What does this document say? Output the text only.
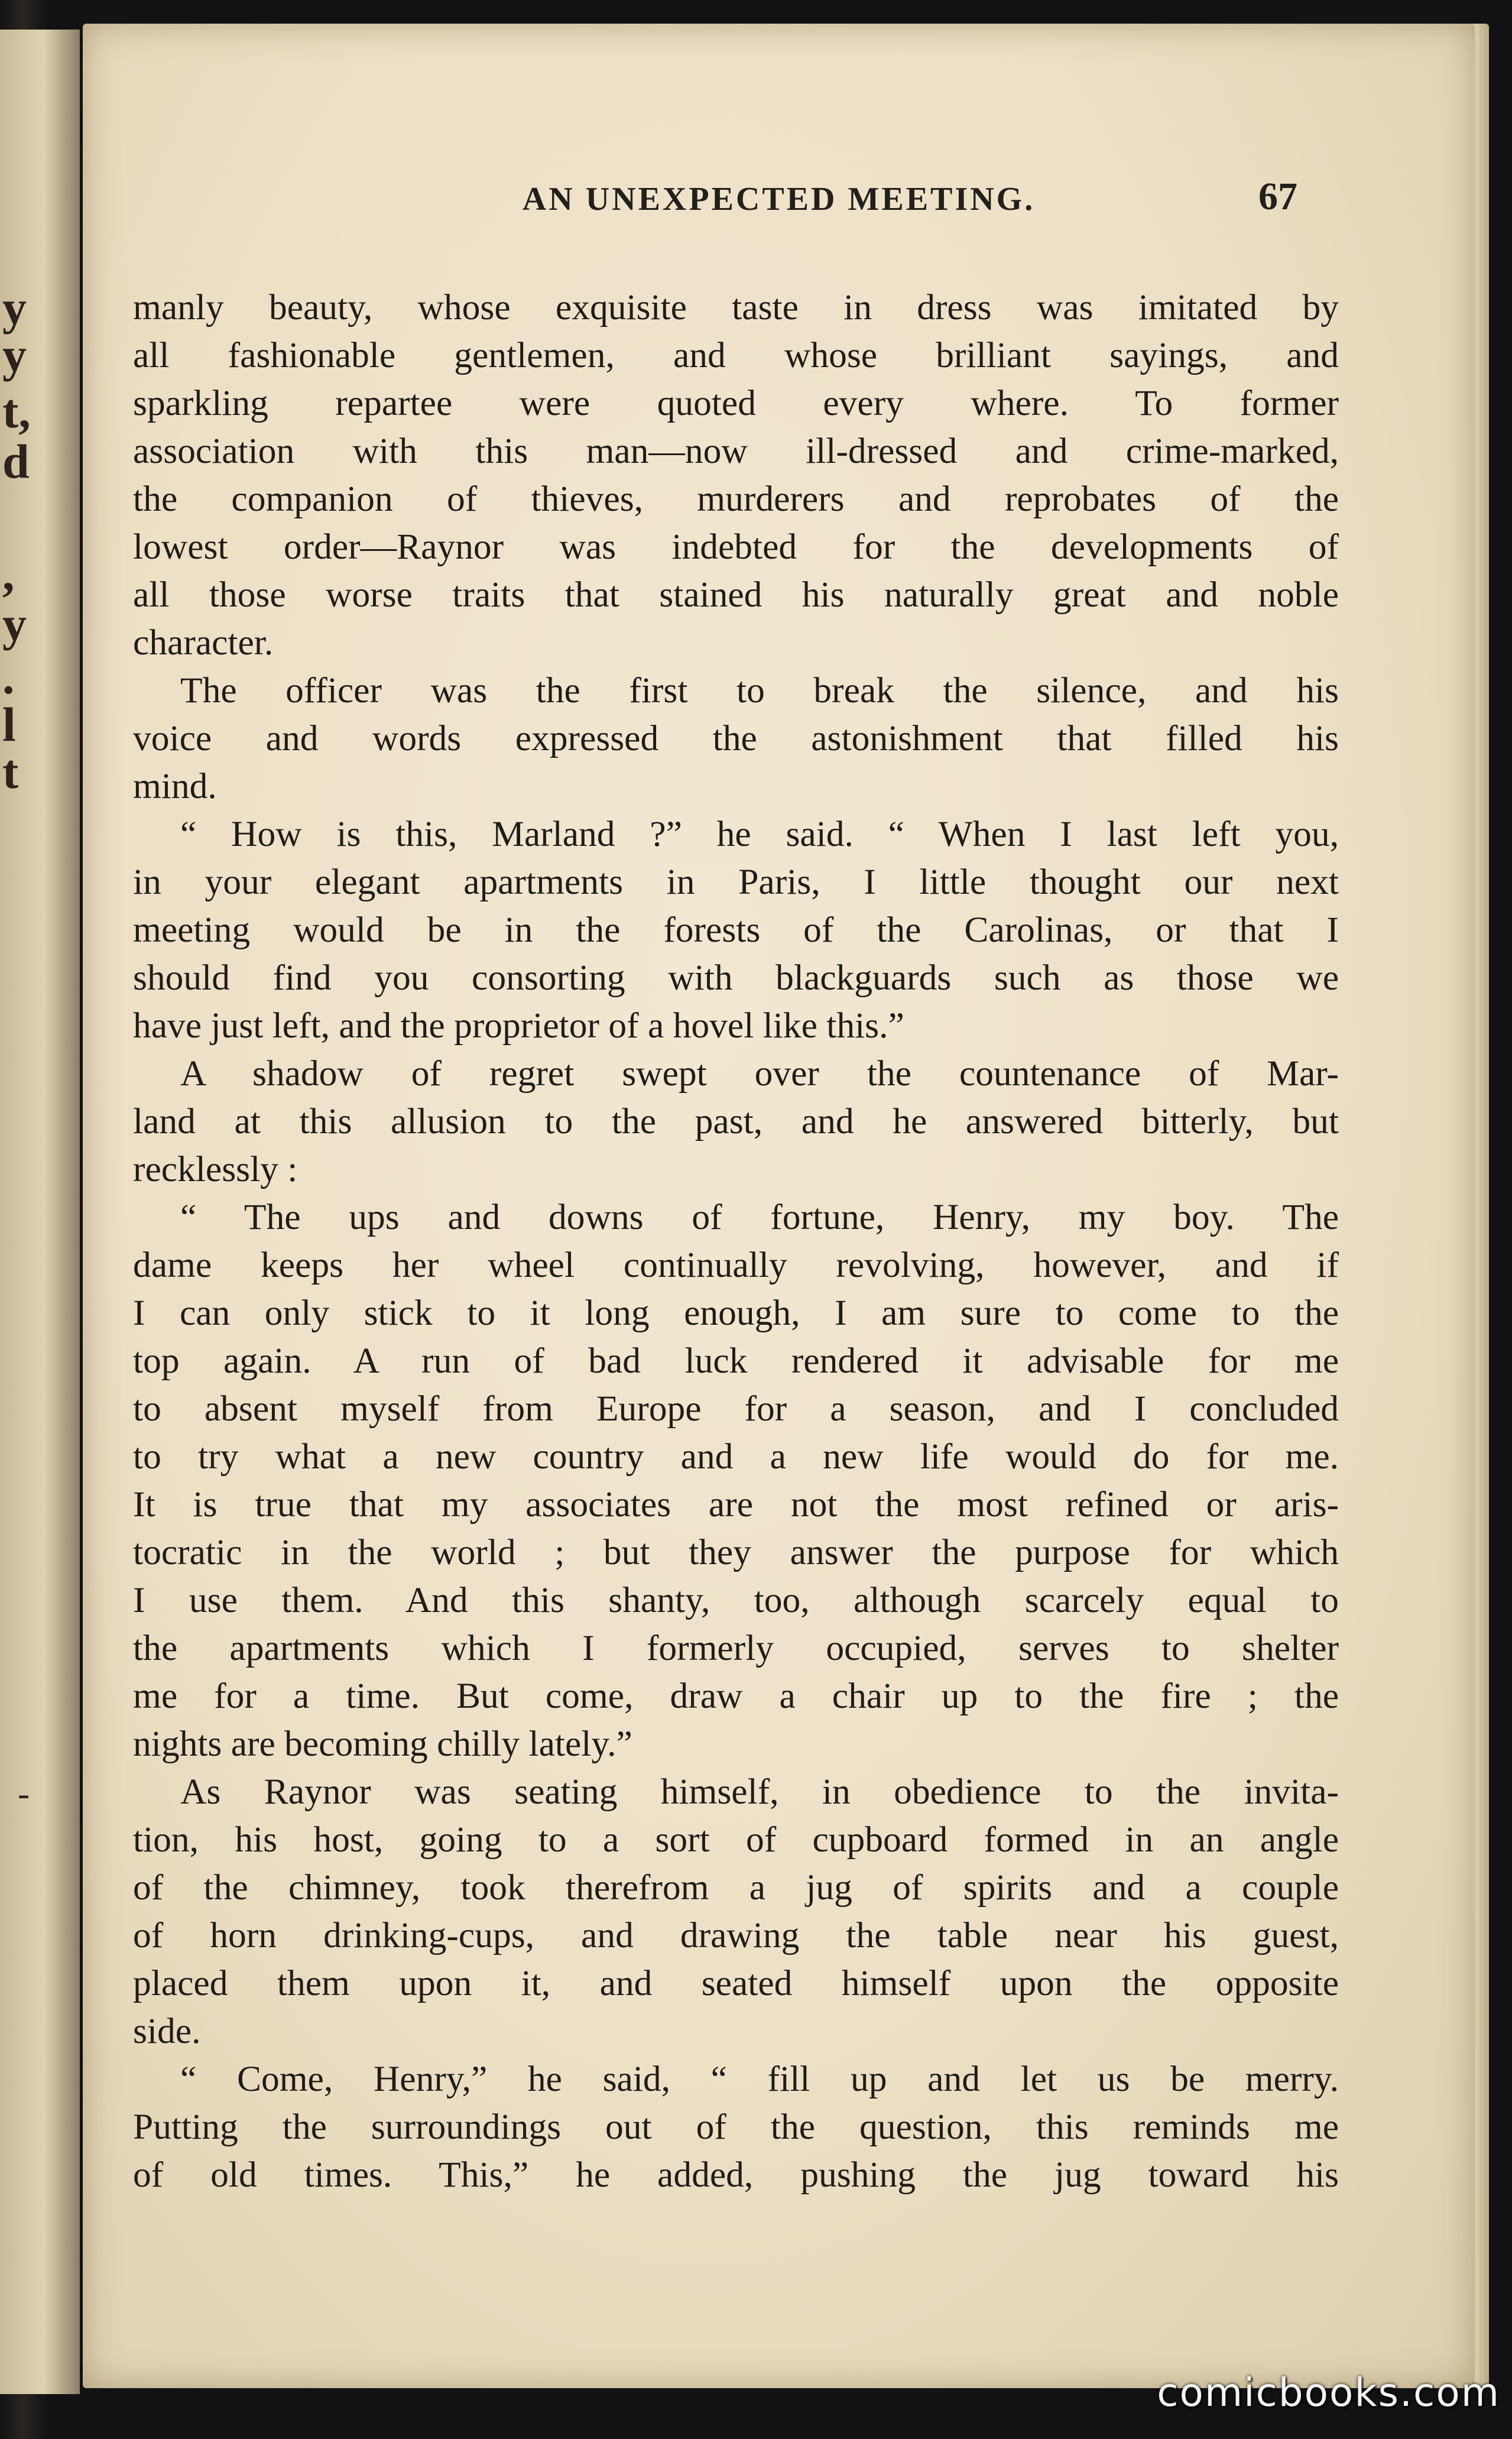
y
y
t,
d
,
y
.
l
t
AN UNEXPECTED MEETING.	67
manly beauty, whose exquisite taste in dress was imitated by
all fashionable gentlemen, and whose brilliant sayings, and
sparkling repartee were quoted every where. To former
association with this man—now ill-dressed and crime-marked,
the companion of thieves, murderers and reprobates of the
lowest order—Raynor was indebted for the developments of
all those worse traits that stained his naturally great and noble
character.
The officer was the first to break the silence, and his
voice and words expressed the astonishment that filled his
mind.
“ How is this, Marland ?” he said. “ When I last left you,
in your elegant apartments in Paris, I little thought our next
meeting would be in the forests of the Carolinas, or that I
should find you consorting with blackguards such as those we
have just left, and the proprietor of a hovel like this.”
A shadow of regret swept over the countenance of Mar-
land at this allusion to the past, and he answered bitterly, but
recklessly :
“ The ups and downs of fortune, Henry, my boy. The
dame keeps her wheel continually revolving, however, and if
I can only stick to it long enough, I am sure to come to the
top again. A run of bad luck rendered it advisable for me
to absent myself from Europe for a season, and I concluded
to try what a new country and a new life would do for me.
It is true that my associates are not the most refined or aris-
tocratic in the world ; but they answer the purpose for which
I use them. And this shanty, too, although scarcely equal to
the apartments which I formerly occupied, serves to shelter
me for a time. But come, draw a chair up to the fire ; the
nights are becoming chilly lately.”
As Raynor was seating himself, in obedience to the invita-
tion, his host, going to a sort of cupboard formed in an angle
of the chimney, took therefrom a jug of spirits and a couple
of horn drinking-cups, and drawing the table near his guest,
placed them upon it, and seated himself upon the opposite
side.
“ Come, Henry,” he said, “ fill up and let us be merry.
Putting the surroundings out of the question, this reminds me
of old times. This,” he added, pushing the jug toward his
-
comicbooks.com
